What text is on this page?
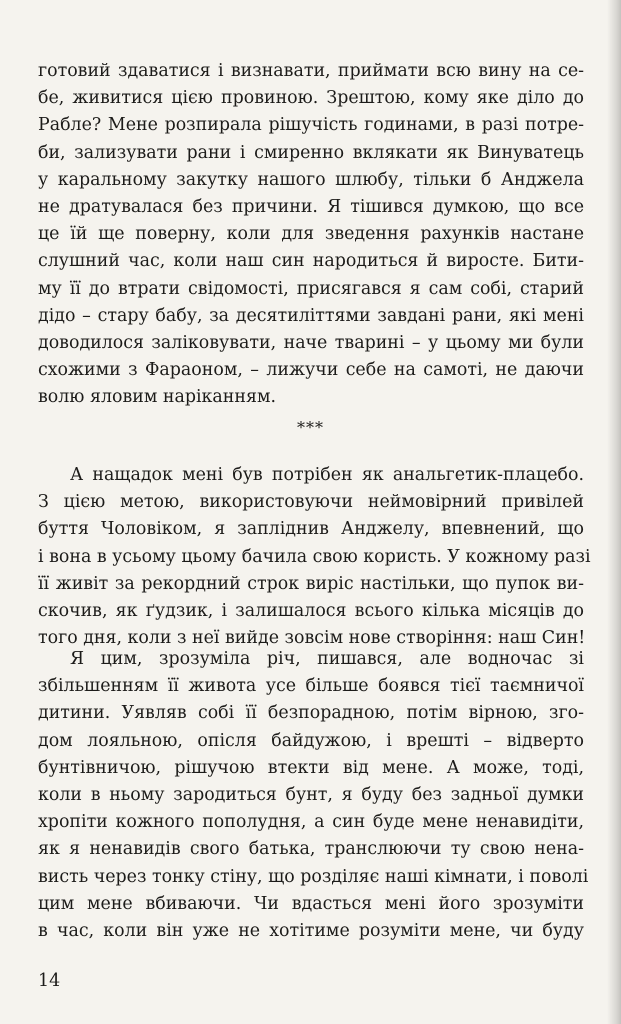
готовий здаватися і визнавати, приймати всю вину на се-
бе, живитися цією провиною. Зрештою, кому яке діло до
Рабле? Мене розпирала рішучість годинами, в разі потре-
би, зализувати рани і смиренно вклякати як Винуватець
у каральному закутку нашого шлюбу, тільки б Анджела
не дратувалася без причини. Я тішився думкою, що все
це їй ще поверну, коли для зведення рахунків настане
слушний час, коли наш син народиться й виросте. Бити-
му її до втрати свідомості, присягався я сам собі, старий
дідо – стару бабу, за десятиліттями завдані рани, які мені
доводилося заліковувати, наче тварині – у цьому ми були
схожими з Фараоном, – лижучи себе на самоті, не даючи
волю яловим наріканням.
***
А нащадок мені був потрібен як анальгетик-плацебо.
З цією метою, використовуючи неймовірний привілей
буття Чоловіком, я запліднив Анджелу, впевнений, що
і вона в усьому цьому бачила свою користь. У кожному разі
її живіт за рекордний строк виріс настільки, що пупок ви-
скочив, як ґудзик, і залишалося всього кілька місяців до
того дня, коли з неї вийде зовсім нове створіння: наш Син!
Я цим, зрозуміла річ, пишався, але водночас зі
збільшенням її живота усе більше боявся тієї таємничої
дитини. Уявляв собі її безпорадною, потім вірною, зго-
дом лояльною, опісля байдужою, і врешті – відверто
бунтівничою, рішучою втекти від мене. А може, тоді,
коли в ньому зародиться бунт, я буду без задньої думки
хропіти кожного пополудня, а син буде мене ненавидіти,
як я ненавидів свого батька, транслюючи ту свою нена-
висть через тонку стіну, що розділяє наші кімнати, і поволі
цим мене вбиваючи. Чи вдасться мені його зрозуміти
в час, коли він уже не хотітиме розуміти мене, чи буду
14
